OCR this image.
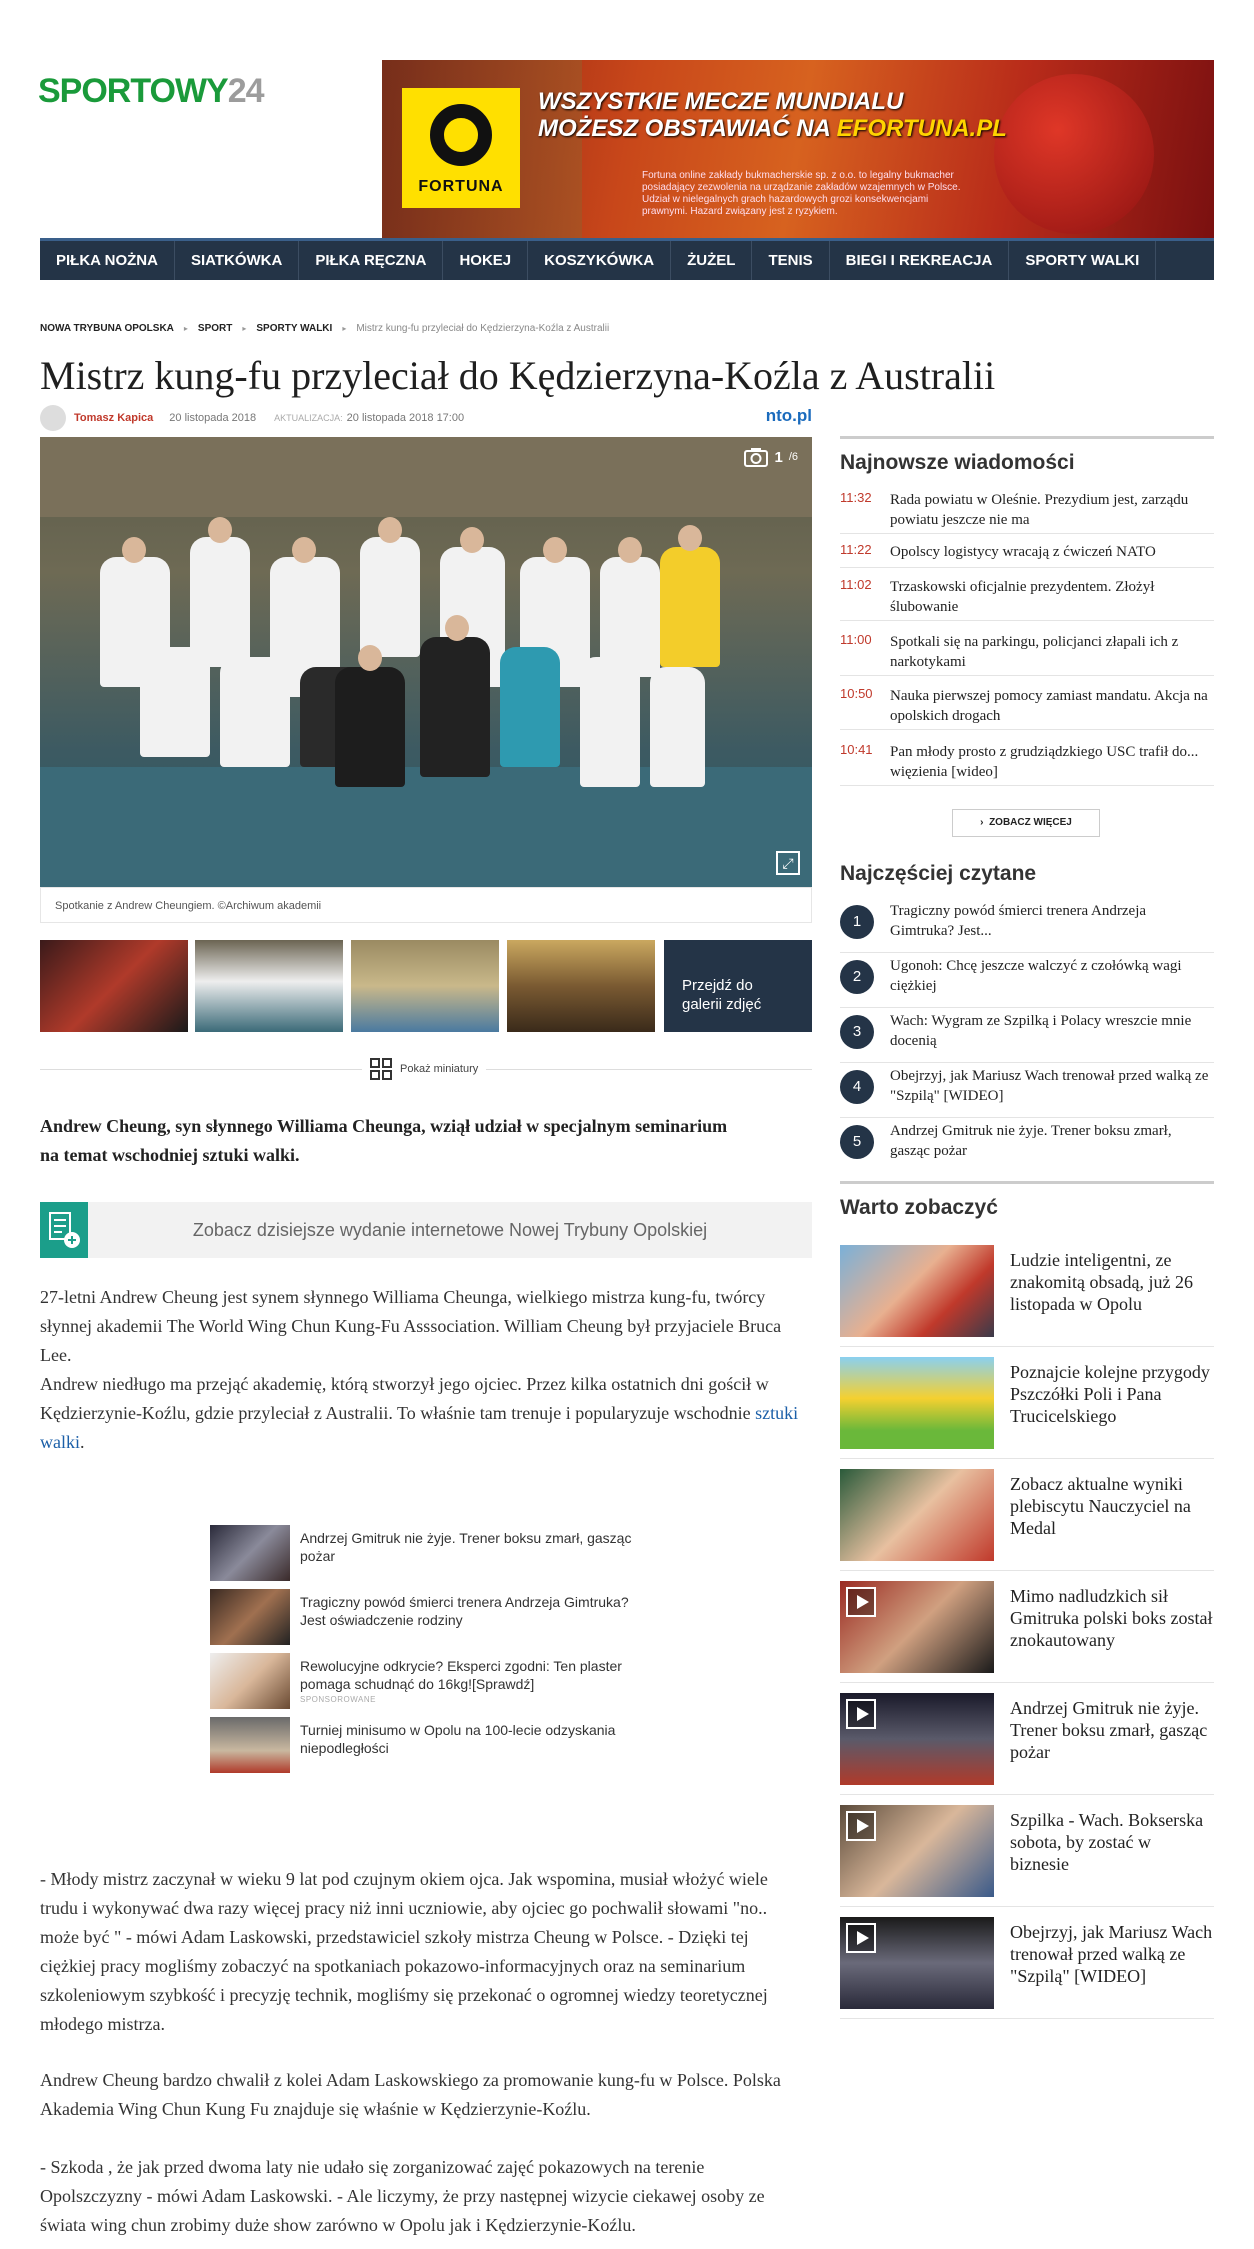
SPORTOWY24
FORTUNA
WSZYSTKIE MECZE MUNDIALU
MOŻESZ OBSTAWIAĆ NA EFORTUNA.PL
Fortuna online zakłady bukmacherskie sp. z o.o. to legalny bukmacher posiadający zezwolenia na urządzanie zakładów wzajemnych w Polsce. Udział w nielegalnych grach hazardowych grozi konsekwencjami prawnymi. Hazard związany jest z ryzykiem.
PIŁKA NOŻNA	SIATKÓWKA	PIŁKA RĘCZNA	HOKEJ	KOSZYKÓWKA	ŻUŻEL	TENIS	BIEGI I REKREACJA	SPORTY WALKI
NOWA TRYBUNA OPOLSKA ▸ SPORT ▸ SPORTY WALKI ▸ Mistrz kung-fu przyleciał do Kędzierzyna-Koźla z Australii
Mistrz kung-fu przyleciał do Kędzierzyna-Koźla z Australii
Tomasz Kapica 20 listopada 2018 AKTUALIZACJA: 20 listopada 2018 17:00	nto.pl
1 /6
⤢
Spotkanie z Andrew Cheungiem. ©Archiwum akademii
Przejdź do galerii zdjęć
Pokaż miniatury
Andrew Cheung, syn słynnego Williama Cheunga, wziął udział w specjalnym seminarium na temat wschodniej sztuki walki.
Zobacz dzisiejsze wydanie internetowe Nowej Trybuny Opolskiej
27-letni Andrew Cheung jest synem słynnego Williama Cheunga, wielkiego mistrza kung-fu, twórcy słynnej akademii The World Wing Chun Kung-Fu Asssociation. William Cheung był przyjaciele Bruca Lee.
Andrew niedługo ma przejąć akademię, którą stworzył jego ojciec. Przez kilka ostatnich dni gościł w Kędzierzynie-Koźlu, gdzie przyleciał z Australii. To właśnie tam trenuje i popularyzuje wschodnie sztuki walki.
Andrzej Gmitruk nie żyje. Trener boksu zmarł, gasząc pożar
Tragiczny powód śmierci trenera Andrzeja Gimtruka? Jest oświadczenie rodziny
Rewolucyjne odkrycie? Eksperci zgodni: Ten plaster pomaga schudnąć do 16kg![Sprawdź]
SPONSOROWANE
Turniej minisumo w Opolu na 100-lecie odzyskania niepodległości
- Młody mistrz zaczynał w wieku 9 lat pod czujnym okiem ojca. Jak wspomina, musiał włożyć wiele trudu i wykonywać dwa razy więcej pracy niż inni uczniowie, aby ojciec go pochwalił słowami "no.. może być " - mówi Adam Laskowski, przedstawiciel szkoły mistrza Cheung w Polsce. - Dzięki tej ciężkiej pracy mogliśmy zobaczyć na spotkaniach pokazowo-informacyjnych oraz na seminarium szkoleniowym szybkość i precyzję technik, mogliśmy się przekonać o ogromnej wiedzy teoretycznej młodego mistrza.
Andrew Cheung bardzo chwalił z kolei Adam Laskowskiego za promowanie kung-fu w Polsce. Polska Akademia Wing Chun Kung Fu znajduje się właśnie w Kędzierzynie-Koźlu.
- Szkoda , że jak przed dwoma laty nie udało się zorganizować zajęć pokazowych na terenie Opolszczyzny - mówi Adam Laskowski. - Ale liczymy, że przy następnej wizycie ciekawej osoby ze świata wing chun zrobimy duże show zarówno w Opolu jak i Kędzierzynie-Koźlu.
Najnowsze wiadomości
11:32 Rada powiatu w Oleśnie. Prezydium jest, zarządu powiatu jeszcze nie ma
11:22 Opolscy logistycy wracają z ćwiczeń NATO
11:02 Trzaskowski oficjalnie prezydentem. Złożył ślubowanie
11:00 Spotkali się na parkingu, policjanci złapali ich z narkotykami
10:50 Nauka pierwszej pomocy zamiast mandatu. Akcja na opolskich drogach
10:41 Pan młody prosto z grudziądzkiego USC trafił do... więzienia [wideo]
› ZOBACZ WIĘCEJ
Najczęściej czytane
1
Tragiczny powód śmierci trenera Andrzeja Gimtruka? Jest...
2
Ugonoh: Chcę jeszcze walczyć z czołówką wagi ciężkiej
3
Wach: Wygram ze Szpilką i Polacy wreszcie mnie docenią
4
Obejrzyj, jak Mariusz Wach trenował przed walką ze "Szpilą" [WIDEO]
5
Andrzej Gmitruk nie żyje. Trener boksu zmarł, gasząc pożar
Warto zobaczyć
Ludzie inteligentni, ze znakomitą obsadą, już 26 listopada w Opolu
Poznajcie kolejne przygody Pszczółki Poli i Pana Trucicelskiego
Zobacz aktualne wyniki plebiscytu Nauczyciel na Medal
Mimo nadludzkich sił Gmitruka polski boks został znokautowany
Andrzej Gmitruk nie żyje. Trener boksu zmarł, gasząc pożar
Szpilka - Wach. Bokserska sobota, by zostać w biznesie
Obejrzyj, jak Mariusz Wach trenował przed walką ze "Szpilą" [WIDEO]
